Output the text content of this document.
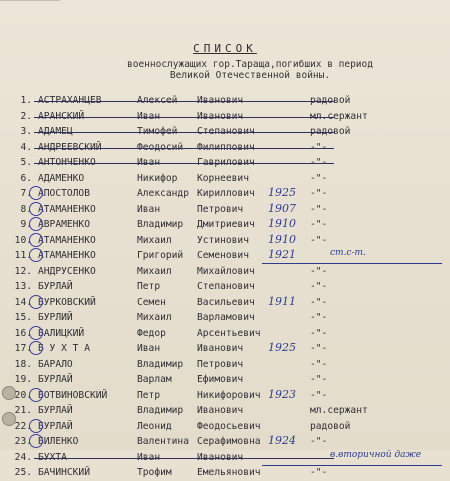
СПИСОК
военнослужащих гор.Тараща,погибших в период
Великой Отечественной войны.
1. АСТРАХАНЦЕВ	Алексей Иванович	радовой
2. АРАНСКИЙ	Иван	Иванович	мл.сержант
3. АДАМЕЦ	Тимофей Степанович	радовой
4. АНДРЕЕВСКИЙ	Феодосий Филиппович	-"-
5. АНТОНЧЕНКО	Иван	Гаврилович	-"-
6. АДАМЕНКО	Никифор Корнеевич	-"-
7. АПОСТОЛОВ	Александр Кириллович 1925 -"-
8. АТАМАНЕНКО	Иван	Петрович 1907 -"-
9. АВРАМЕНКО	Владимир Дмитриевич 1910 -"-
10. АТАМАНЕНКО	Михаил	Устинович 1910 -"-
11. АТАМАНЕНКО	Григорий Семенович 1921	ст.с-т.
12. АНДРУСЕНКО	Михаил	Михайлович	-"-
13. БУРЛАЙ	Петр	Степанович	-"-
14. БУРКОВСКИЙ	Семен	Васильевич 1911 -"-
15. БУРЛИЙ	Михаил	Варламович	-"-
16. БАЛИЦКИЙ	Федор	Арсентьевич	-"-
17. Б У Х Т А	Иван	Иванович 1925 -"-
18. БАРАЛО	Владимир Петрович	-"-
19. БУРЛАЙ	Варлам	Ефимович	-"-
20. БОТВИНОВСКИЙ	Петр	Никифорович 1923 -"-
21. БУРЛАЙ	Владимир Иванович	мл.сержант
22. БУРЛАЙ	Леонид	Феодосьевич	радовой
23. БИЛЕНКО	Валентина Серафимовна 1924 -"-
24. БУХТА	Иван	Иванович	в.вторичной даже
25. БАЧИНСКИЙ	Трофим	Емельянович	-"-
